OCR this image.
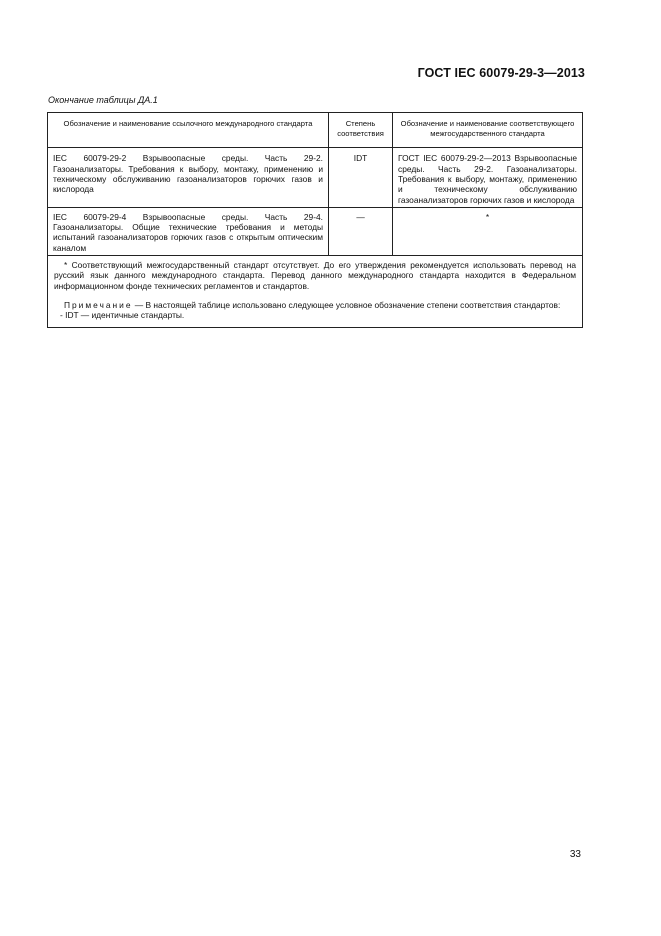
ГОСТ IEC 60079-29-3—2013
Окончание таблицы ДА.1
Обозначение и наименование ссылочного международного стандарта	Степень соответствия	Обозначение и наименование соответствующего межгосударственного стандарта
IEC 60079-29-2 Взрывоопасные среды. Часть 29-2. Газоанализаторы. Требования к выбору, монтажу, применению и техническому обслуживанию газоанализаторов горючих газов и кислорода	IDT	ГОСТ IEC 60079-29-2—2013 Взрывоопасные среды. Часть 29-2. Газоанализаторы. Требования к выбору, монтажу, применению и техническому обслуживанию газоанализаторов горючих газов и кислорода
IEC 60079-29-4 Взрывоопасные среды. Часть 29-4. Газоанализаторы. Общие технические требования и методы испытаний газоанализаторов горючих газов с открытым оптическим каналом	—	*

* Соответствующий межгосударственный стандарт отсутствует. До его утверждения рекомендуется использовать перевод на русский язык данного международного стандарта. Перевод данного международного стандарта находится в Федеральном информационном фонде технических регламентов и стандартов.

Примечание — В настоящей таблице использовано следующее условное обозначение степени соответствия стандартов:

- IDT — идентичные стандарты.		

33
